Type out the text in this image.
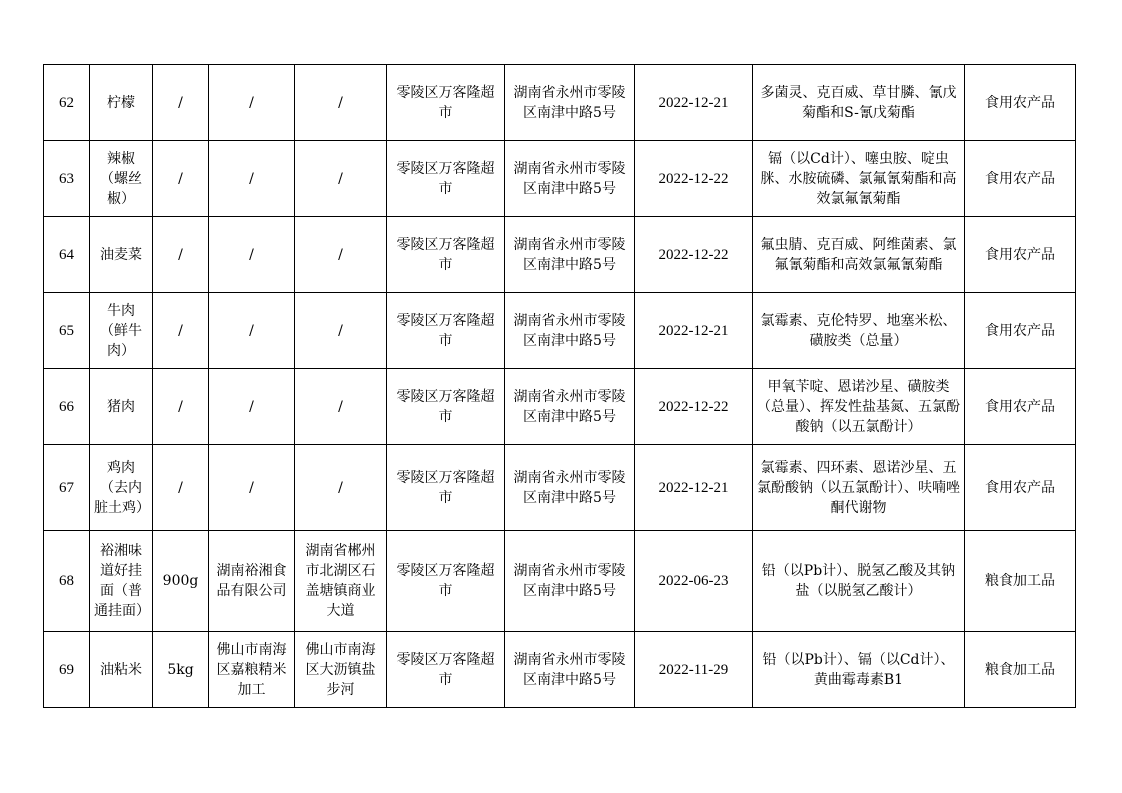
62	柠檬	/	/	/	零陵区万客隆超市	湖南省永州市零陵区南津中路5号	2022-12-21	多菌灵、克百威、草甘膦、氰戊菊酯和S-氰戊菊酯	食用农产品
63	辣椒（螺丝椒）	/	/	/	零陵区万客隆超市	湖南省永州市零陵区南津中路5号	2022-12-22	镉（以Cd计）、噻虫胺、啶虫脒、水胺硫磷、氯氟氰菊酯和高效氯氟氰菊酯	食用农产品
64	油麦菜	/	/	/	零陵区万客隆超市	湖南省永州市零陵区南津中路5号	2022-12-22	氟虫腈、克百威、阿维菌素、氯氟氰菊酯和高效氯氟氰菊酯	食用农产品
65	牛肉（鲜牛肉）	/	/	/	零陵区万客隆超市	湖南省永州市零陵区南津中路5号	2022-12-21	氯霉素、克伦特罗、地塞米松、磺胺类（总量）	食用农产品
66	猪肉	/	/	/	零陵区万客隆超市	湖南省永州市零陵区南津中路5号	2022-12-22	甲氧苄啶、恩诺沙星、磺胺类（总量）、挥发性盐基氮、五氯酚酸钠（以五氯酚计）	食用农产品
67	鸡肉（去内脏土鸡）	/	/	/	零陵区万客隆超市	湖南省永州市零陵区南津中路5号	2022-12-21	氯霉素、四环素、恩诺沙星、五氯酚酸钠（以五氯酚计）、呋喃唑酮代谢物	食用农产品
68	裕湘味道好挂面（普通挂面）	900g	湖南裕湘食品有限公司	湖南省郴州市北湖区石盖塘镇商业大道	零陵区万客隆超市	湖南省永州市零陵区南津中路5号	2022-06-23	铅（以Pb计）、脱氢乙酸及其钠盐（以脱氢乙酸计）	粮食加工品
69	油粘米	5kg	佛山市南海区嘉粮精米加工	佛山市南海区大沥镇盐步河	零陵区万客隆超市	湖南省永州市零陵区南津中路5号	2022-11-29	铅（以Pb计）、镉（以Cd计）、黄曲霉毒素B1	粮食加工品
